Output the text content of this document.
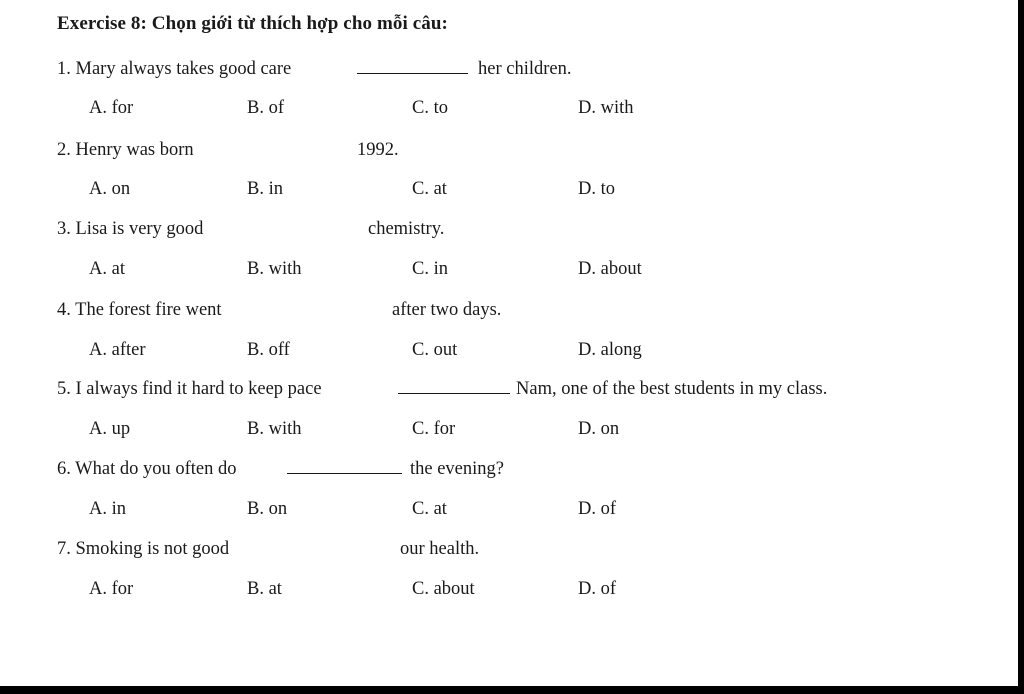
Exercise 8: Chọn giới từ thích hợp cho mỗi câu:
1. Mary always takes good care	her children.
A. for	B. of	C. to	D. with
2. Henry was born	1992.
A. on	B. in	C. at	D. to
3. Lisa is very good	chemistry.
A. at	B. with	C. in	D. about
4. The forest fire went	after two days.
A. after	B. off	C. out	D. along
5. I always find it hard to keep pace	Nam, one of the best students in my class.
A. up	B. with	C. for	D. on
6. What do you often do	the evening?
A. in	B. on	C. at	D. of
7. Smoking is not good	our health.
A. for	B. at	C. about	D. of
